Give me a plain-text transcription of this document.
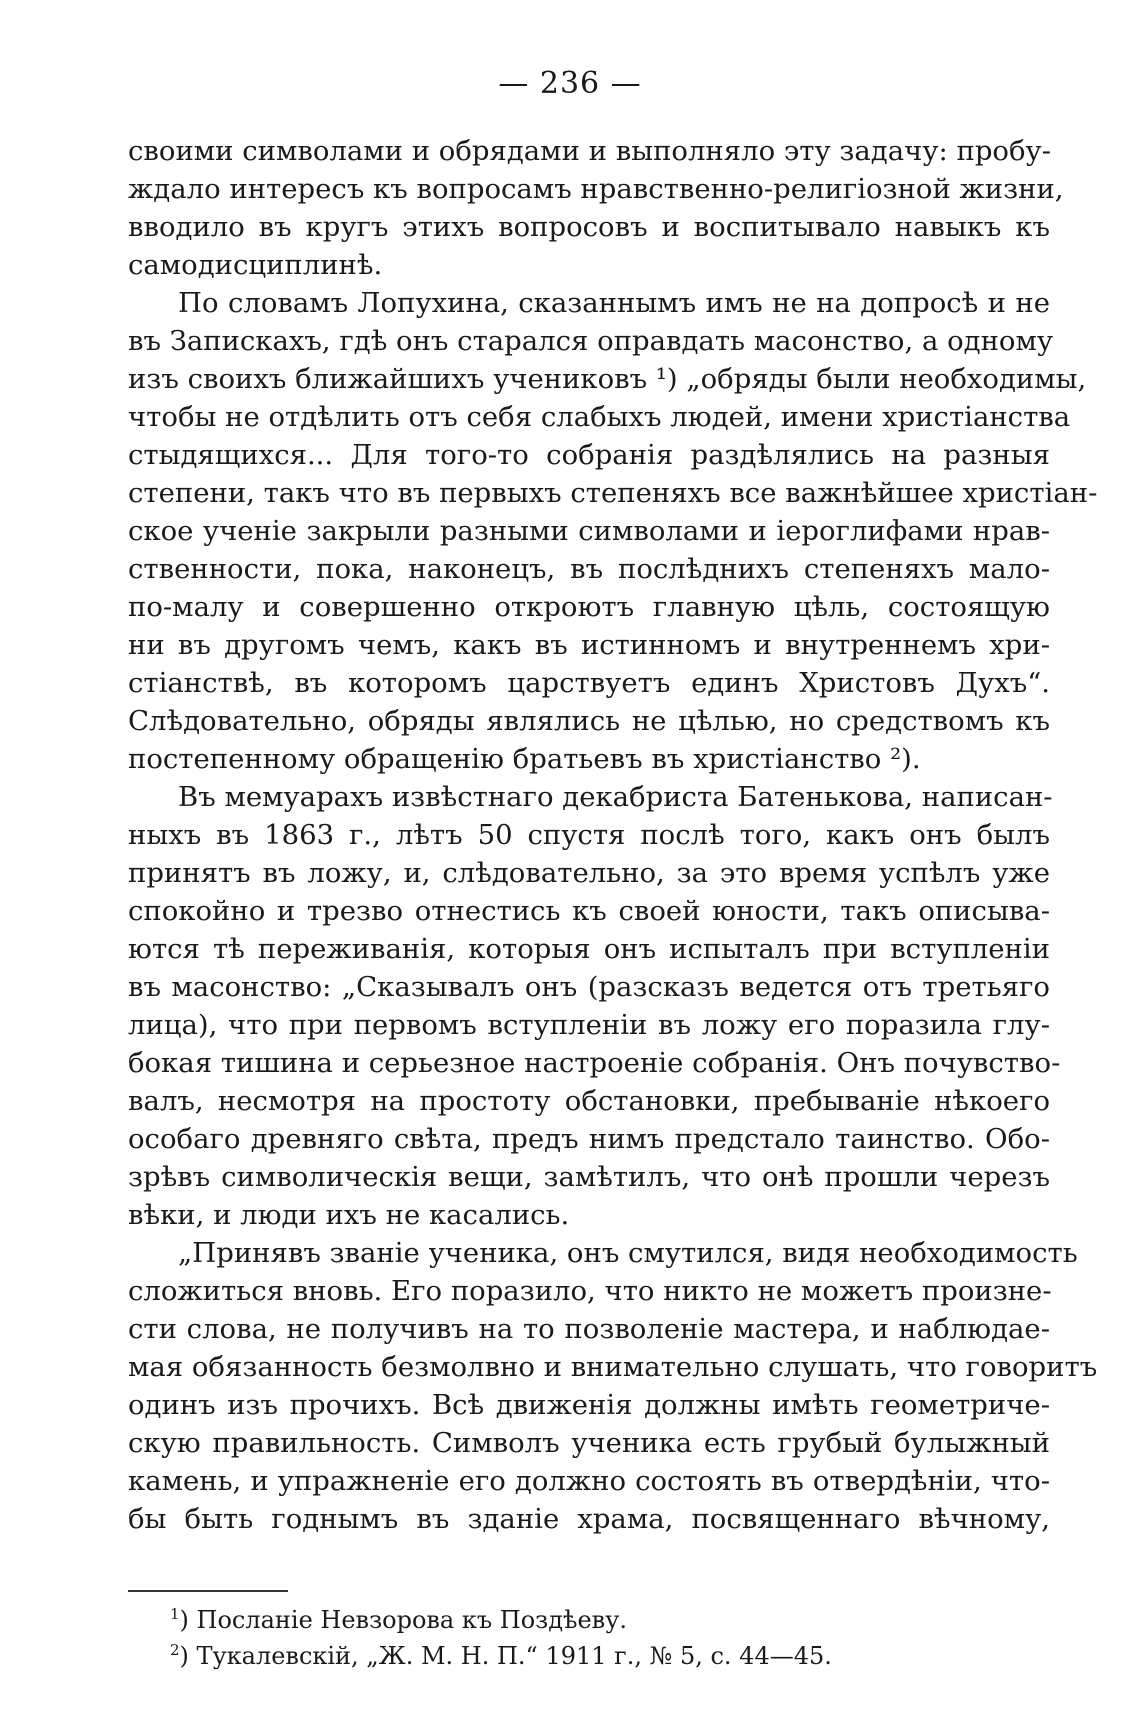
— 236 —
своими символами и обрядами и выполняло эту задачу: пробу-
ждало интересъ къ вопросамъ нравственно-религiозной жизни,
вводило въ кругъ этихъ вопросовъ и воспитывало навыкъ къ
самодисциплинѣ.
По словамъ Лопухина, сказаннымъ имъ не на допросѣ и не
въ Запискахъ, гдѣ онъ старался оправдать масонство, а одному
изъ своихъ ближайшихъ учениковъ ¹) „обряды были необходимы,
чтобы не отдѣлить отъ себя слабыхъ людей, имени христiанства
стыдящихся... Для того-то собранiя раздѣлялись на разныя
степени, такъ что въ первыхъ степеняхъ все важнѣйшее христiан-
ское ученiе закрыли разными символами и iероглифами нрав-
ственности, пока, наконецъ, въ послѣднихъ степеняхъ мало-
по-малу и совершенно откроютъ главную цѣль, состоящую
ни въ другомъ чемъ, какъ въ истинномъ и внутреннемъ хри-
стiанствѣ, въ которомъ царствуетъ единъ Христовъ Духъ“.
Слѣдовательно, обряды являлись не цѣлью, но средствомъ къ
постепенному обращенiю братьевъ въ христiанство ²).
Въ мемуарахъ извѣстнаго декабриста Батенькова, написан-
ныхъ въ 1863 г., лѣтъ 50 спустя послѣ того, какъ онъ былъ
принятъ въ ложу, и, слѣдовательно, за это время успѣлъ уже
спокойно и трезво отнестись къ своей юности, такъ описыва-
ются тѣ переживанiя, которыя онъ испыталъ при вступленiи
въ масонство: „Сказывалъ онъ (разсказъ ведется отъ третьяго
лица), что при первомъ вступленiи въ ложу его поразила глу-
бокая тишина и серьезное настроенiе собранiя. Онъ почувство-
валъ, несмотря на простоту обстановки, пребыванiе нѣкоего
особаго древняго свѣта, предъ нимъ предстало таинство. Обо-
зрѣвъ символическiя вещи, замѣтилъ, что онѣ прошли черезъ
вѣки, и люди ихъ не касались.
„Принявъ званiе ученика, онъ смутился, видя необходимость
сложиться вновь. Его поразило, что никто не можетъ произне-
сти слова, не получивъ на то позволенiе мастера, и наблюдае-
мая обязанность безмолвно и внимательно слушать, что говоритъ
одинъ изъ прочихъ. Всѣ движенiя должны имѣть геометриче-
скую правильность. Символъ ученика есть грубый булыжный
камень, и упражненiе его должно состоять въ отвердѣнiи, чтo-
бы быть годнымъ въ зданiе храма, посвященнаго вѣчному,
$^1$) Посланiе Невзорова къ Поздѣеву.
$^2$) Тукалевскiй, „Ж. М. Н. П.“ 1911 г., № 5, с. 44—45.
